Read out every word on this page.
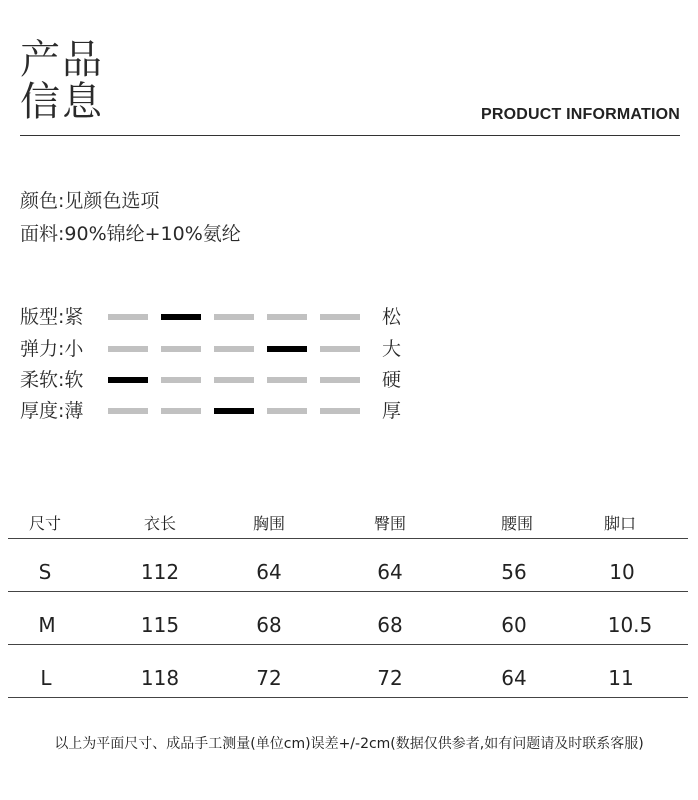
产品
信息	PRODUCT INFORMATION
颜色:见颜色选项
面料:90%锦纶+10%氨纶
版型:紧	松
弹力:小	大
柔软:软	硬
厚度:薄	厚
尺寸	衣长	胸围	臀围	腰围	脚口
S	112	64	64	56	10
M	115	68	68	60	10.5
L	118	72	72	64	11
以上为平面尺寸、成品手工测量(单位cm)误差+/-2cm(数据仅供参者,如有问题请及时联系客服)
